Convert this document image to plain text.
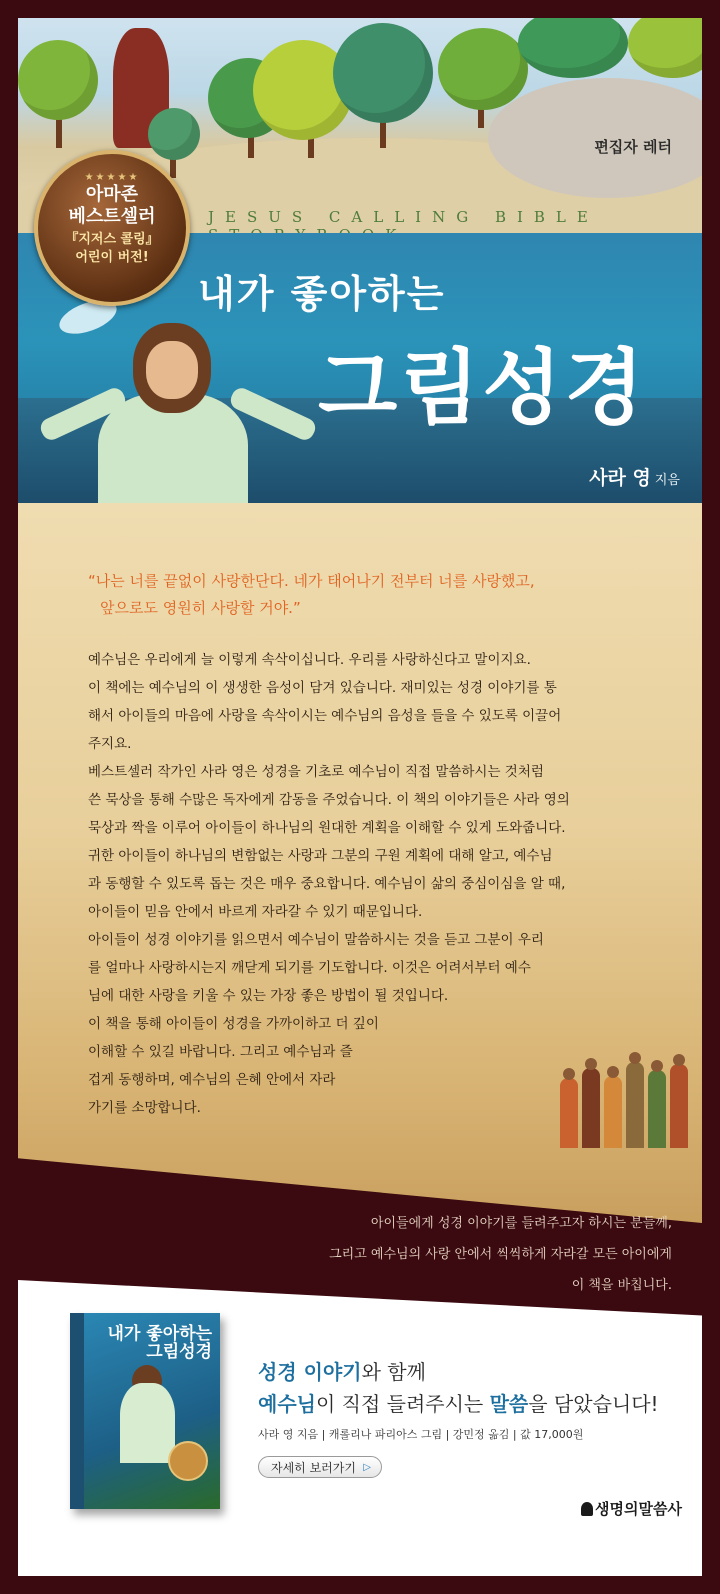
편집자 레터
JESUS CALLING BIBLE
★★★★★
아마존
베스트셀러
『지저스 콜링』
어린이 버전!
내가 좋아하는
그림성경
사라 영 지음
“나는 너를 끝없이 사랑한단다. 네가 태어나기 전부터 너를 사랑했고,
앞으로도 영원히 사랑할 거야.”

예수님은 우리에게 늘 이렇게 속삭이십니다. 우리를 사랑하신다고 말이지요.

이 책에는 예수님의 이 생생한 음성이 담겨 있습니다. 재미있는 성경 이야기를 통

해서 아이들의 마음에 사랑을 속삭이시는 예수님의 음성을 들을 수 있도록 이끌어

주지요.

베스트셀러 작가인 사라 영은 성경을 기초로 예수님이 직접 말씀하시는 것처럼

쓴 묵상을 통해 수많은 독자에게 감동을 주었습니다. 이 책의 이야기들은 사라 영의

묵상과 짝을 이루어 아이들이 하나님의 원대한 계획을 이해할 수 있게 도와줍니다.

귀한 아이들이 하나님의 변함없는 사랑과 그분의 구원 계획에 대해 알고, 예수님

과 동행할 수 있도록 돕는 것은 매우 중요합니다. 예수님이 삶의 중심이심을 알 때,

아이들이 믿음 안에서 바르게 자라갈 수 있기 때문입니다.

아이들이 성경 이야기를 읽으면서 예수님이 말씀하시는 것을 듣고 그분이 우리

를 얼마나 사랑하시는지 깨닫게 되기를 기도합니다. 이것은 어려서부터 예수

님에 대한 사랑을 키울 수 있는 가장 좋은 방법이 될 것입니다.

이 책을 통해 아이들이 성경을 가까이하고 더 깊이

이해할 수 있길 바랍니다. 그리고 예수님과 즐

겁게 동행하며, 예수님의 은혜 안에서 자라

가기를 소망합니다.

아이들에게 성경 이야기를 들려주고자 하시는 분들께,
그리고 예수님의 사랑 안에서 씩씩하게 자라갈 모든 아이에게
이 책을 바칩니다.
내가 좋아하는 그림성경
성경 이야기와 함께
예수님이 직접 들려주시는 말씀을 담았습니다!
사라 영 지음 | 캐롤리나 파리아스 그림 | 강민정 옮김 | 값 17,000원
자세히 보러가기 ▷
생명의말씀사
